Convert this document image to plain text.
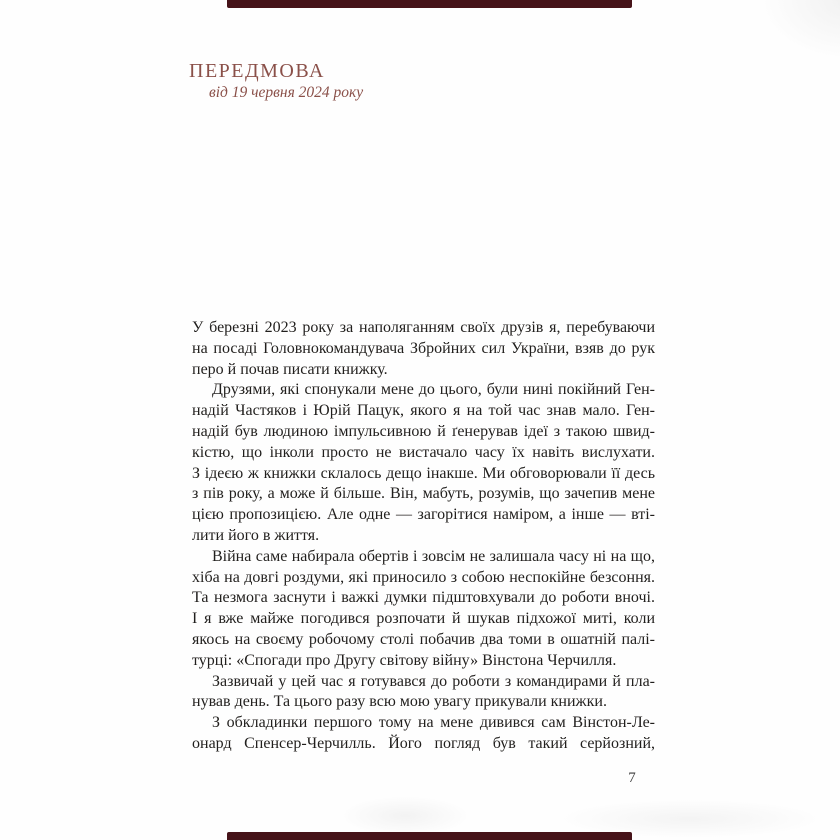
ПЕРЕДМОВА
від 19 червня 2024 року
У березні 2023 року за наполяганням своїх друзів я, перебуваючи
на посаді Головнокомандувача Збройних сил України, взяв до рук
перо й почав писати книжку.
Друзями, які спонукали мене до цього, були нині покійний Ген-
надій Частяков і Юрій Пацук, якого я на той час знав мало. Ген-
надій був людиною імпульсивною й ґенерував ідеї з такою швид-
кістю, що інколи просто не вистачало часу їх навіть вислухати.
З ідеєю ж книжки склалось дещо інакше. Ми обговорювали її десь
з пів року, а може й більше. Він, мабуть, розумів, що зачепив мене
цією пропозицією. Але одне — загорітися наміром, а інше — вті-
лити його в життя.
Війна саме набирала обертів і зовсім не залишала часу ні на що,
хіба на довгі роздуми, які приносило з собою неспокійне безсоння.
Та незмога заснути і важкі думки підштовхували до роботи вночі.
І я вже майже погодився розпочати й шукав підхожої миті, коли
якось на своєму робочому столі побачив два томи в ошатній палі-
турці: «Спогади про Другу світову війну» Вінстона Черчилля.
Зазвичай у цей час я готувався до роботи з командирами й пла-
нував день. Та цього разу всю мою увагу прикували книжки.
З обкладинки першого тому на мене дивився сам Вінстон-Ле-
онард Спенсер-Черчилль. Його погляд був такий серйозний,
7
